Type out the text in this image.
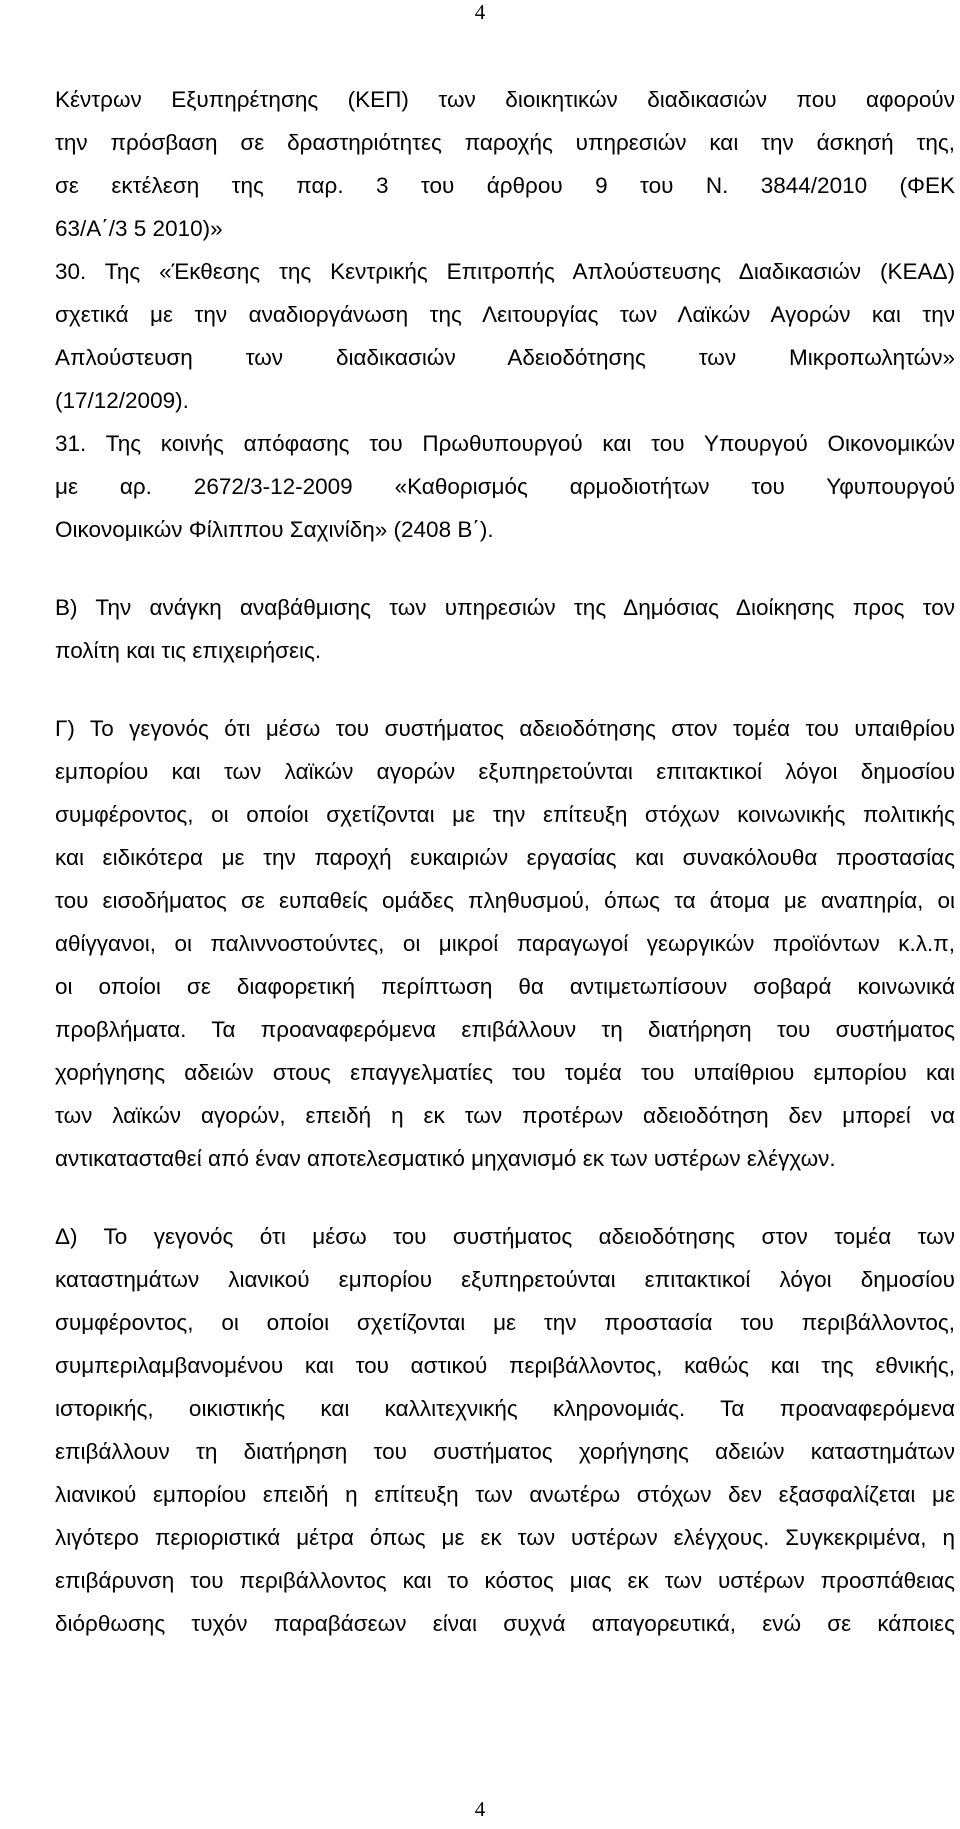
4
Κέντρων Εξυπηρέτησης (ΚΕΠ) των διοικητικών διαδικασιών που αφορούν
την πρόσβαση σε δραστηριότητες παροχής υπηρεσιών και την άσκησή της,
σε εκτέλεση της παρ. 3 του άρθρου 9 του Ν. 3844/2010 (ΦΕΚ
63/Α΄/3 5 2010)»
30. Της «Έκθεσης της Κεντρικής Επιτροπής Απλούστευσης Διαδικασιών (ΚΕΑΔ)
σχετικά με την αναδιοργάνωση της Λειτουργίας των Λαϊκών Αγορών και την
Απλούστευση των διαδικασιών Αδειοδότησης των Μικροπωλητών»
(17/12/2009).
31. Της κοινής απόφασης του Πρωθυπουργού και του Υπουργού Οικονομικών
με αρ. 2672/3-12-2009 «Καθορισμός αρμοδιοτήτων του Υφυπουργού
Οικονομικών Φίλιππου Σαχινίδη» (2408 Β΄).
Β) Την ανάγκη αναβάθμισης των υπηρεσιών της Δημόσιας Διοίκησης προς τον
πολίτη και τις επιχειρήσεις.
Γ) Το γεγονός ότι μέσω του συστήματος αδειοδότησης στον τομέα του υπαιθρίου
εμπορίου και των λαϊκών αγορών εξυπηρετούνται επιτακτικοί λόγοι δημοσίου
συμφέροντος, οι οποίοι σχετίζονται με την επίτευξη στόχων κοινωνικής πολιτικής
και ειδικότερα με την παροχή ευκαιριών εργασίας και συνακόλουθα προστασίας
του εισοδήματος σε ευπαθείς ομάδες πληθυσμού, όπως τα άτομα με αναπηρία, οι
αθίγγανοι, οι παλιννοστούντες, οι μικροί παραγωγοί γεωργικών προϊόντων κ.λ.π,
οι οποίοι σε διαφορετική περίπτωση θα αντιμετωπίσουν σοβαρά κοινωνικά
προβλήματα. Τα προαναφερόμενα επιβάλλουν τη διατήρηση του συστήματος
χορήγησης αδειών στους επαγγελματίες του τομέα του υπαίθριου εμπορίου και
των λαϊκών αγορών, επειδή η εκ των προτέρων αδειοδότηση δεν μπορεί να
αντικατασταθεί από έναν αποτελεσματικό μηχανισμό εκ των υστέρων ελέγχων.
Δ) Το γεγονός ότι μέσω του συστήματος αδειοδότησης στον τομέα των
καταστημάτων λιανικού εμπορίου εξυπηρετούνται επιτακτικοί λόγοι δημοσίου
συμφέροντος, οι οποίοι σχετίζονται με την προστασία του περιβάλλοντος,
συμπεριλαμβανομένου και του αστικού περιβάλλοντος, καθώς και της εθνικής,
ιστορικής, οικιστικής και καλλιτεχνικής κληρονομιάς. Τα προαναφερόμενα
επιβάλλουν τη διατήρηση του συστήματος χορήγησης αδειών καταστημάτων
λιανικού εμπορίου επειδή η επίτευξη των ανωτέρω στόχων δεν εξασφαλίζεται με
λιγότερο περιοριστικά μέτρα όπως με εκ των υστέρων ελέγχους. Συγκεκριμένα, η
επιβάρυνση του περιβάλλοντος και το κόστος μιας εκ των υστέρων προσπάθειας
διόρθωσης τυχόν παραβάσεων είναι συχνά απαγορευτικά, ενώ σε κάποιες
4
